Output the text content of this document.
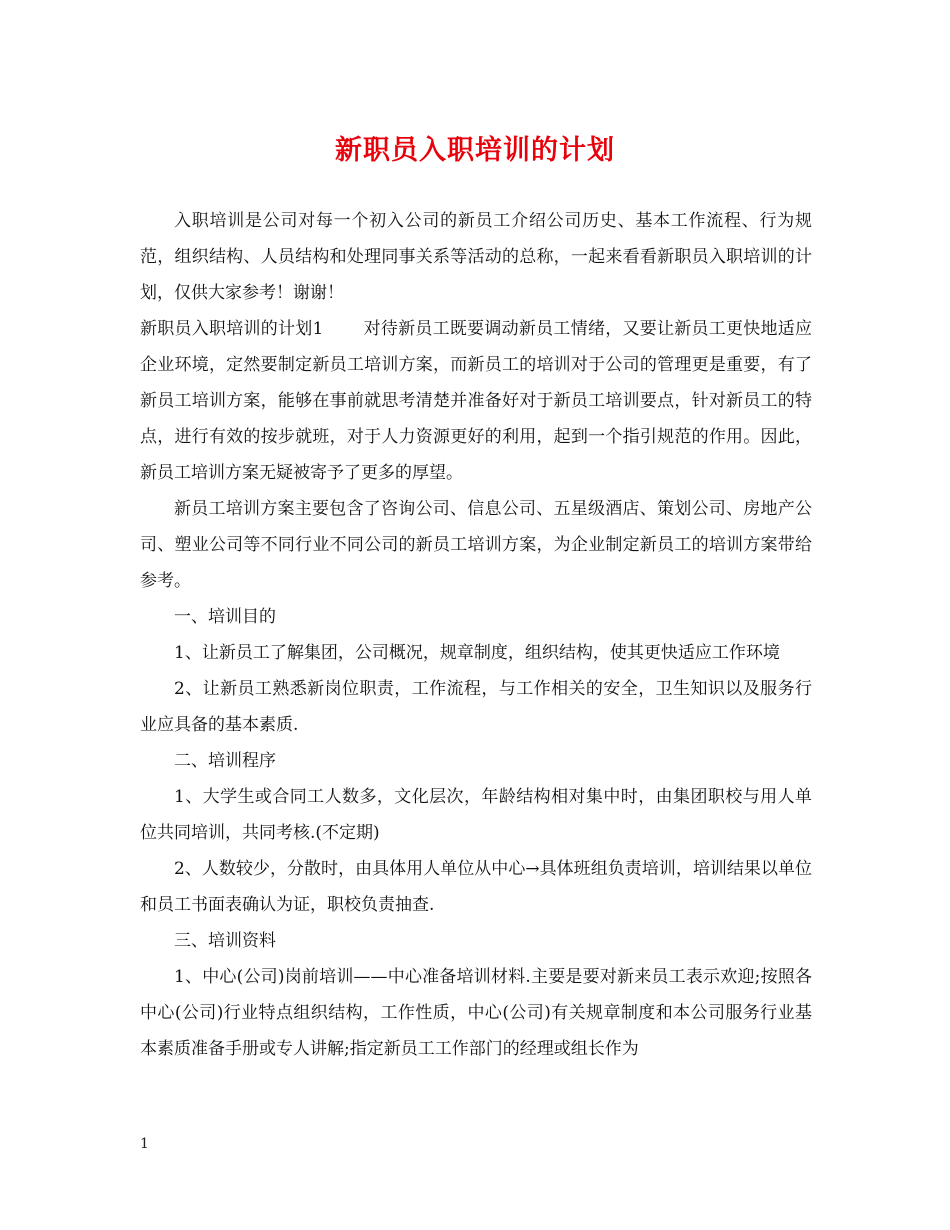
新职员入职培训的计划

入职培训是公司对每一个初入公司的新员工介绍公司历史、基本工作流程、行为规范，组织结构、人员结构和处理同事关系等活动的总称，一起来看看新职员入职培训的计划，仅供大家参考！谢谢！

新职员入职培训的计划1 对待新员工既要调动新员工情绪，又要让新员工更快地适应企业环境，定然要制定新员工培训方案，而新员工的培训对于公司的管理更是重要，有了新员工培训方案，能够在事前就思考清楚并准备好对于新员工培训要点，针对新员工的特点，进行有效的按步就班，对于人力资源更好的利用，起到一个指引规范的作用。因此，新员工培训方案无疑被寄予了更多的厚望。

新员工培训方案主要包含了咨询公司、信息公司、五星级酒店、策划公司、房地产公司、塑业公司等不同行业不同公司的新员工培训方案，为企业制定新员工的培训方案带给参考。

一、培训目的

1、让新员工了解集团，公司概况，规章制度，组织结构，使其更快适应工作环境

2、让新员工熟悉新岗位职责，工作流程，与工作相关的安全，卫生知识以及服务行业应具备的基本素质.

二、培训程序

1、大学生或合同工人数多，文化层次，年龄结构相对集中时，由集团职校与用人单位共同培训，共同考核.(不定期)

2、人数较少，分散时，由具体用人单位从中心→具体班组负责培训，培训结果以单位和员工书面表确认为证，职校负责抽查.

三、培训资料

1、中心(公司)岗前培训——中心准备培训材料.主要是要对新来员工表示欢迎;按照各中心(公司)行业特点组织结构，工作性质，中心(公司)有关规章制度和本公司服务行业基本素质准备手册或专人讲解;指定新员工工作部门的经理或组长作为

1
